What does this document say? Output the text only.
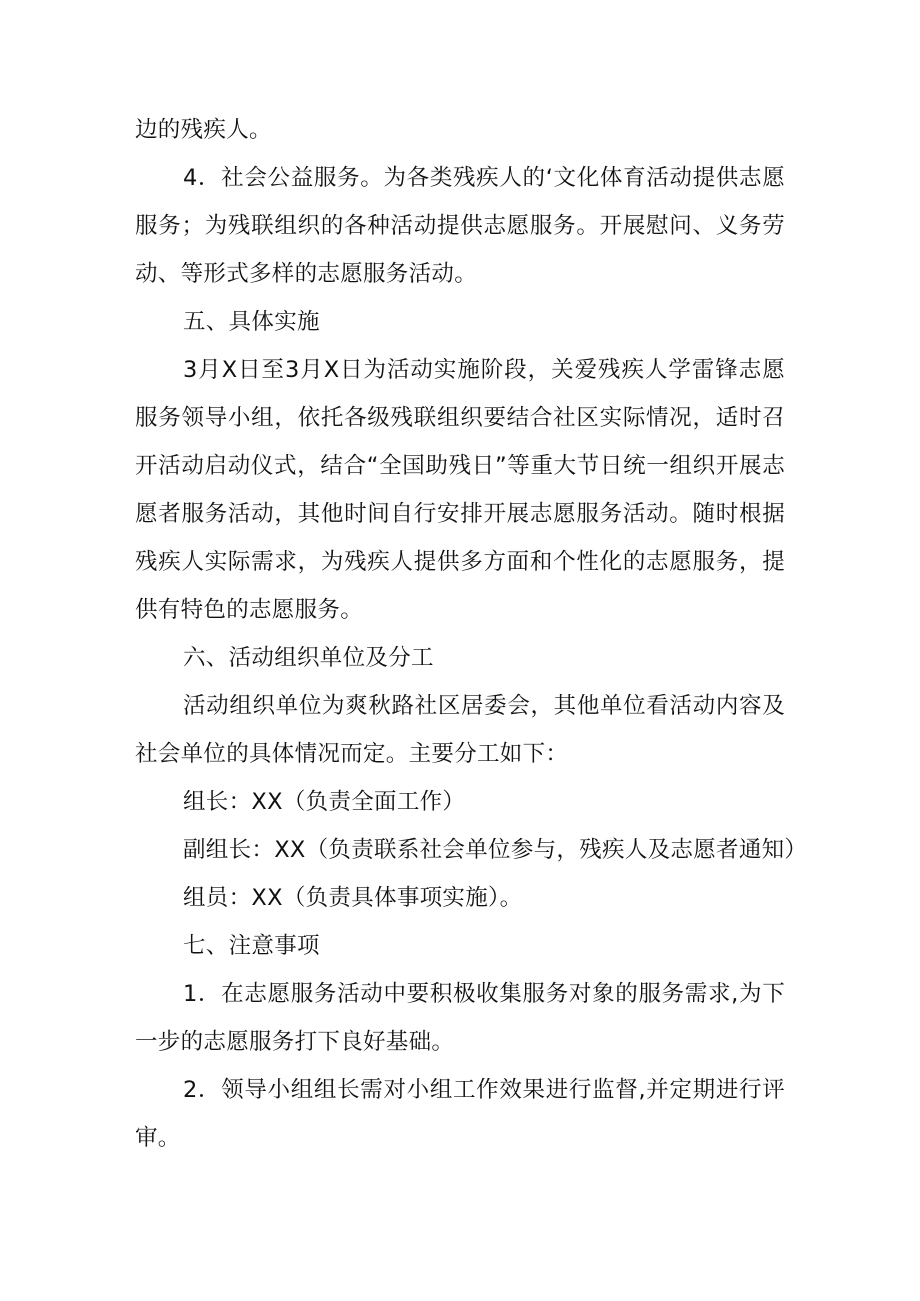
边的残疾人。

4．社会公益服务。为各类残疾人的‘文化体育活动提供志愿服务；为残联组织的各种活动提供志愿服务。开展慰问、义务劳动、等形式多样的志愿服务活动。

五、具体实施

3月X日至3月X日为活动实施阶段，关爱残疾人学雷锋志愿服务领导小组，依托各级残联组织要结合社区实际情况，适时召开活动启动仪式，结合“全国助残日”等重大节日统一组织开展志愿者服务活动，其他时间自行安排开展志愿服务活动。随时根据残疾人实际需求，为残疾人提供多方面和个性化的志愿服务，提供有特色的志愿服务。

六、活动组织单位及分工

活动组织单位为爽秋路社区居委会，其他单位看活动内容及社会单位的具体情况而定。主要分工如下：

组长：XX（负责全面工作）

副组长：XX（负责联系社会单位参与，残疾人及志愿者通知）

组员：XX（负责具体事项实施）。

七、注意事项

1．在志愿服务活动中要积极收集服务对象的服务需求,为下一步的志愿服务打下良好基础。

2．领导小组组长需对小组工作效果进行监督,并定期进行评审。
